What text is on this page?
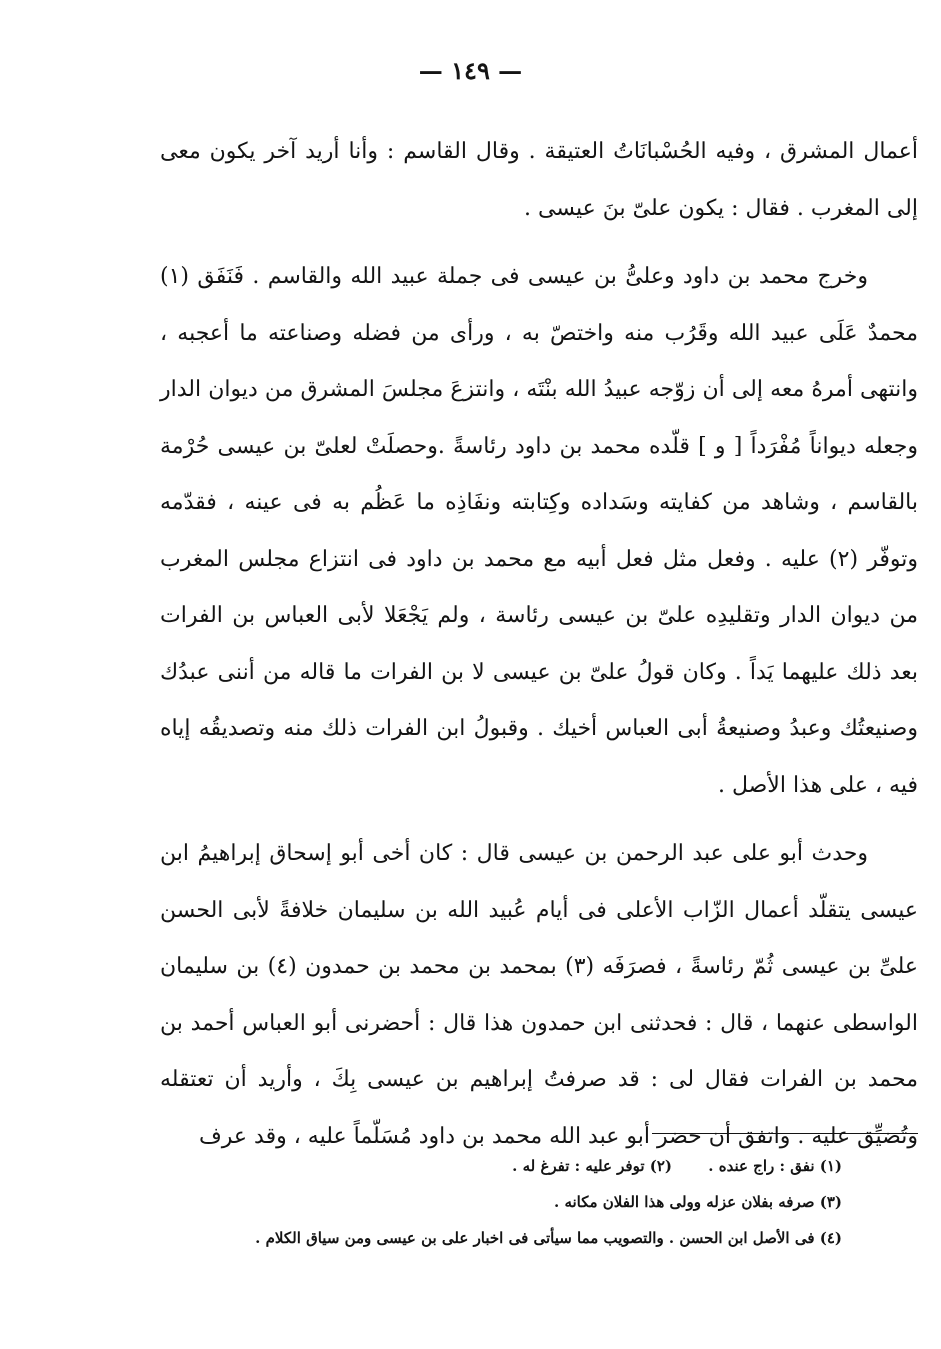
— ١٤٩ —

أعمال المشرق ، وفيه الحُسْبانَاتُ العتيقة . وقال القاسم : وأنا أريد آخر يكون معى إلى المغرب . فقال : يكون علىّ بنَ عيسى .

وخرج محمد بن داود وعلىُّ بن عيسى فى جملة عبيد الله والقاسم . فَنَفَق (١) محمدٌ عَلَى عبيد الله وقَرُب منه واختصّ به ، ورأى من فضله وصناعته ما أعجبه ، وانتهى أمرهُ معه إلى أن زوّجه عبيدُ الله بنْتَه ، وانتزعَ مجلسَ المشرق من ديوان الدار وجعله ديواناً مُفْرَداً [ و ] قلّده محمد بن داود رئاسةً .وحصلَتْ لعلىّ بن عيسى حُرْمة بالقاسم ، وشاهد من كفايته وسَداده وكِتابته ونفَاذِه ما عَظُم به فى عينه ، فقدّمه وتوفّر (٢) عليه . وفعل مثل فعل أبيه مع محمد بن داود فى انتزاع مجلس المغرب من ديوان الدار وتقليدِه علىّ بن عيسى رئاسة ، ولم يَجْعَلا لأبى العباس بن الفرات بعد ذلك عليهما يَداً . وكان قولُ علىّ بن عيسى لا بن الفرات ما قاله من أننى عبدُك وصنيعتُك وعبدُ وصنيعةُ أبى العباس أخيك . وقبولُ ابن الفرات ذلك منه وتصديقُه إياه فيه ، على هذا الأصل .

وحدث أبو على عبد الرحمن بن عيسى قال : كان أخى أبو إسحاق إبراهيمُ ابن عيسى يتقلّد أعمال الزّاب الأعلى فى أيام عُبيد الله بن سليمان خلافةً لأبى الحسن علىِّ بن عيسى ثُمّ رئاسةً ، فصرَفَه (٣) بمحمد بن محمد بن حمدون (٤) بن سليمان الواسطى عنهما ، قال : فحدثنى ابن حمدون هذا قال : أحضرنى أبو العباس أحمد بن محمد بن الفرات فقال لى : قد صرفتُ إبراهيم بن عيسى بِكَ ، وأريد أن تعتقله وتُضيِّق عليه . واتفق أن حضر أبو عبد الله محمد بن داود مُسَلّماً عليه ، وقد عرف

(١) نفق : راج عنده .
(٢) توفر عليه : تفرغ له .
(٣) صرفه بفلان عزله وولى هذا الفلان مكانه .
(٤) فى الأصل ابن الحسن . والتصويب مما سيأتى فى اخبار على بن عيسى ومن سياق الكلام .
